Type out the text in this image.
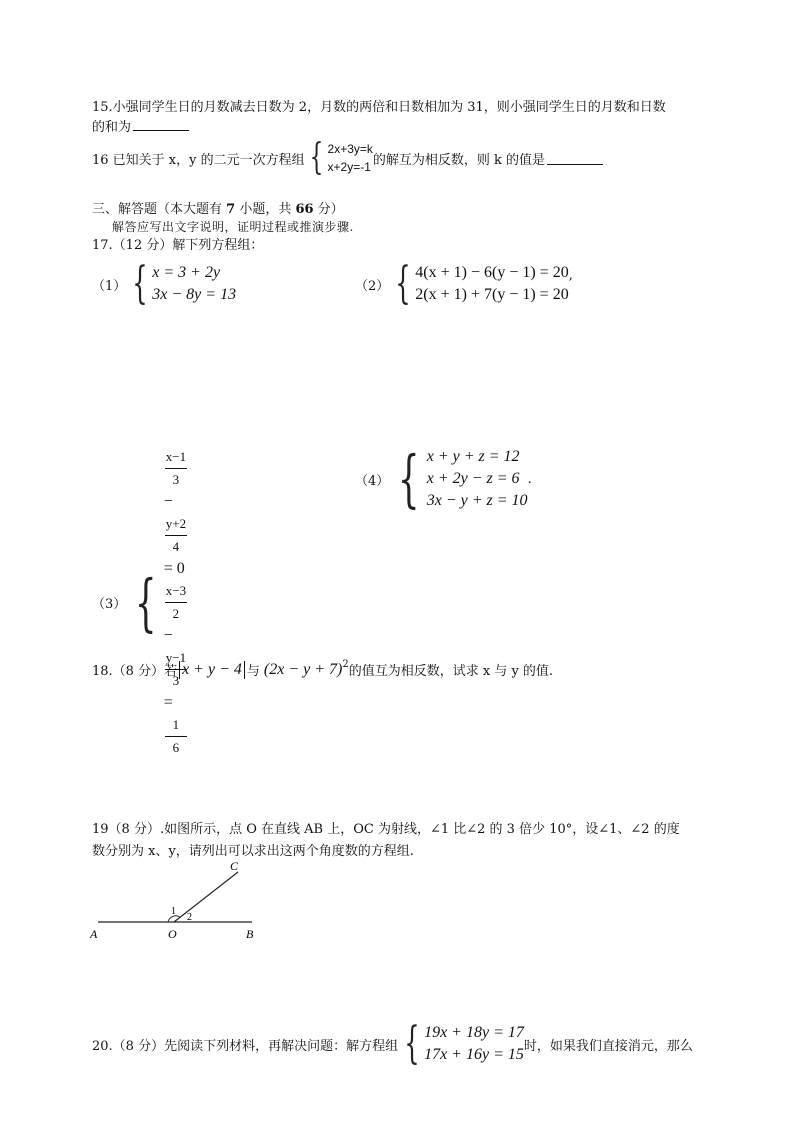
15.小强同学生日的月数减去日数为 2，月数的两倍和日数相加为 31，则小强同学生日的月数和日数
的和为
16 已知关于 x，y 的二元一次方程组 { 2x+3y=k
x+2y=-1 的解互为相反数，则 k 的值是
三、解答题（本大题有 7 小题，共 66 分）
解答应写出文字说明，证明过程或推演步骤.
17.（12 分）解下列方程组：
（1） { x = 3 + 2y
3x − 8y = 13	（2） { 4(x + 1) − 6(y − 1) = 20
2(x + 1) + 7(y − 1) = 20
,
（3） {
x−1
3
−
y+2
4
= 0
x−3
2
−
y−1
3
=
1
6
（4） { x + y + z = 12
x + 2y − z = 6
3x − y + z = 10
.
18.（8 分）若 x + y − 4 与 $(2x - y + 7)^2$ 的值互为相反数，试求 x 与 y 的值.
19（8 分）.如图所示，点 O 在直线 AB 上，OC 为射线，∠1 比∠2 的 3 倍少 10°，设∠1、∠2 的度
数分别为 x、y，请列出可以求出这两个角度数的方程组.
A	O	B
C
1
2
20.（8 分）先阅读下列材料，再解决问题：解方程组 { 19x + 18y = 17
17x + 16y = 15 时，如果我们直接消元，那么
